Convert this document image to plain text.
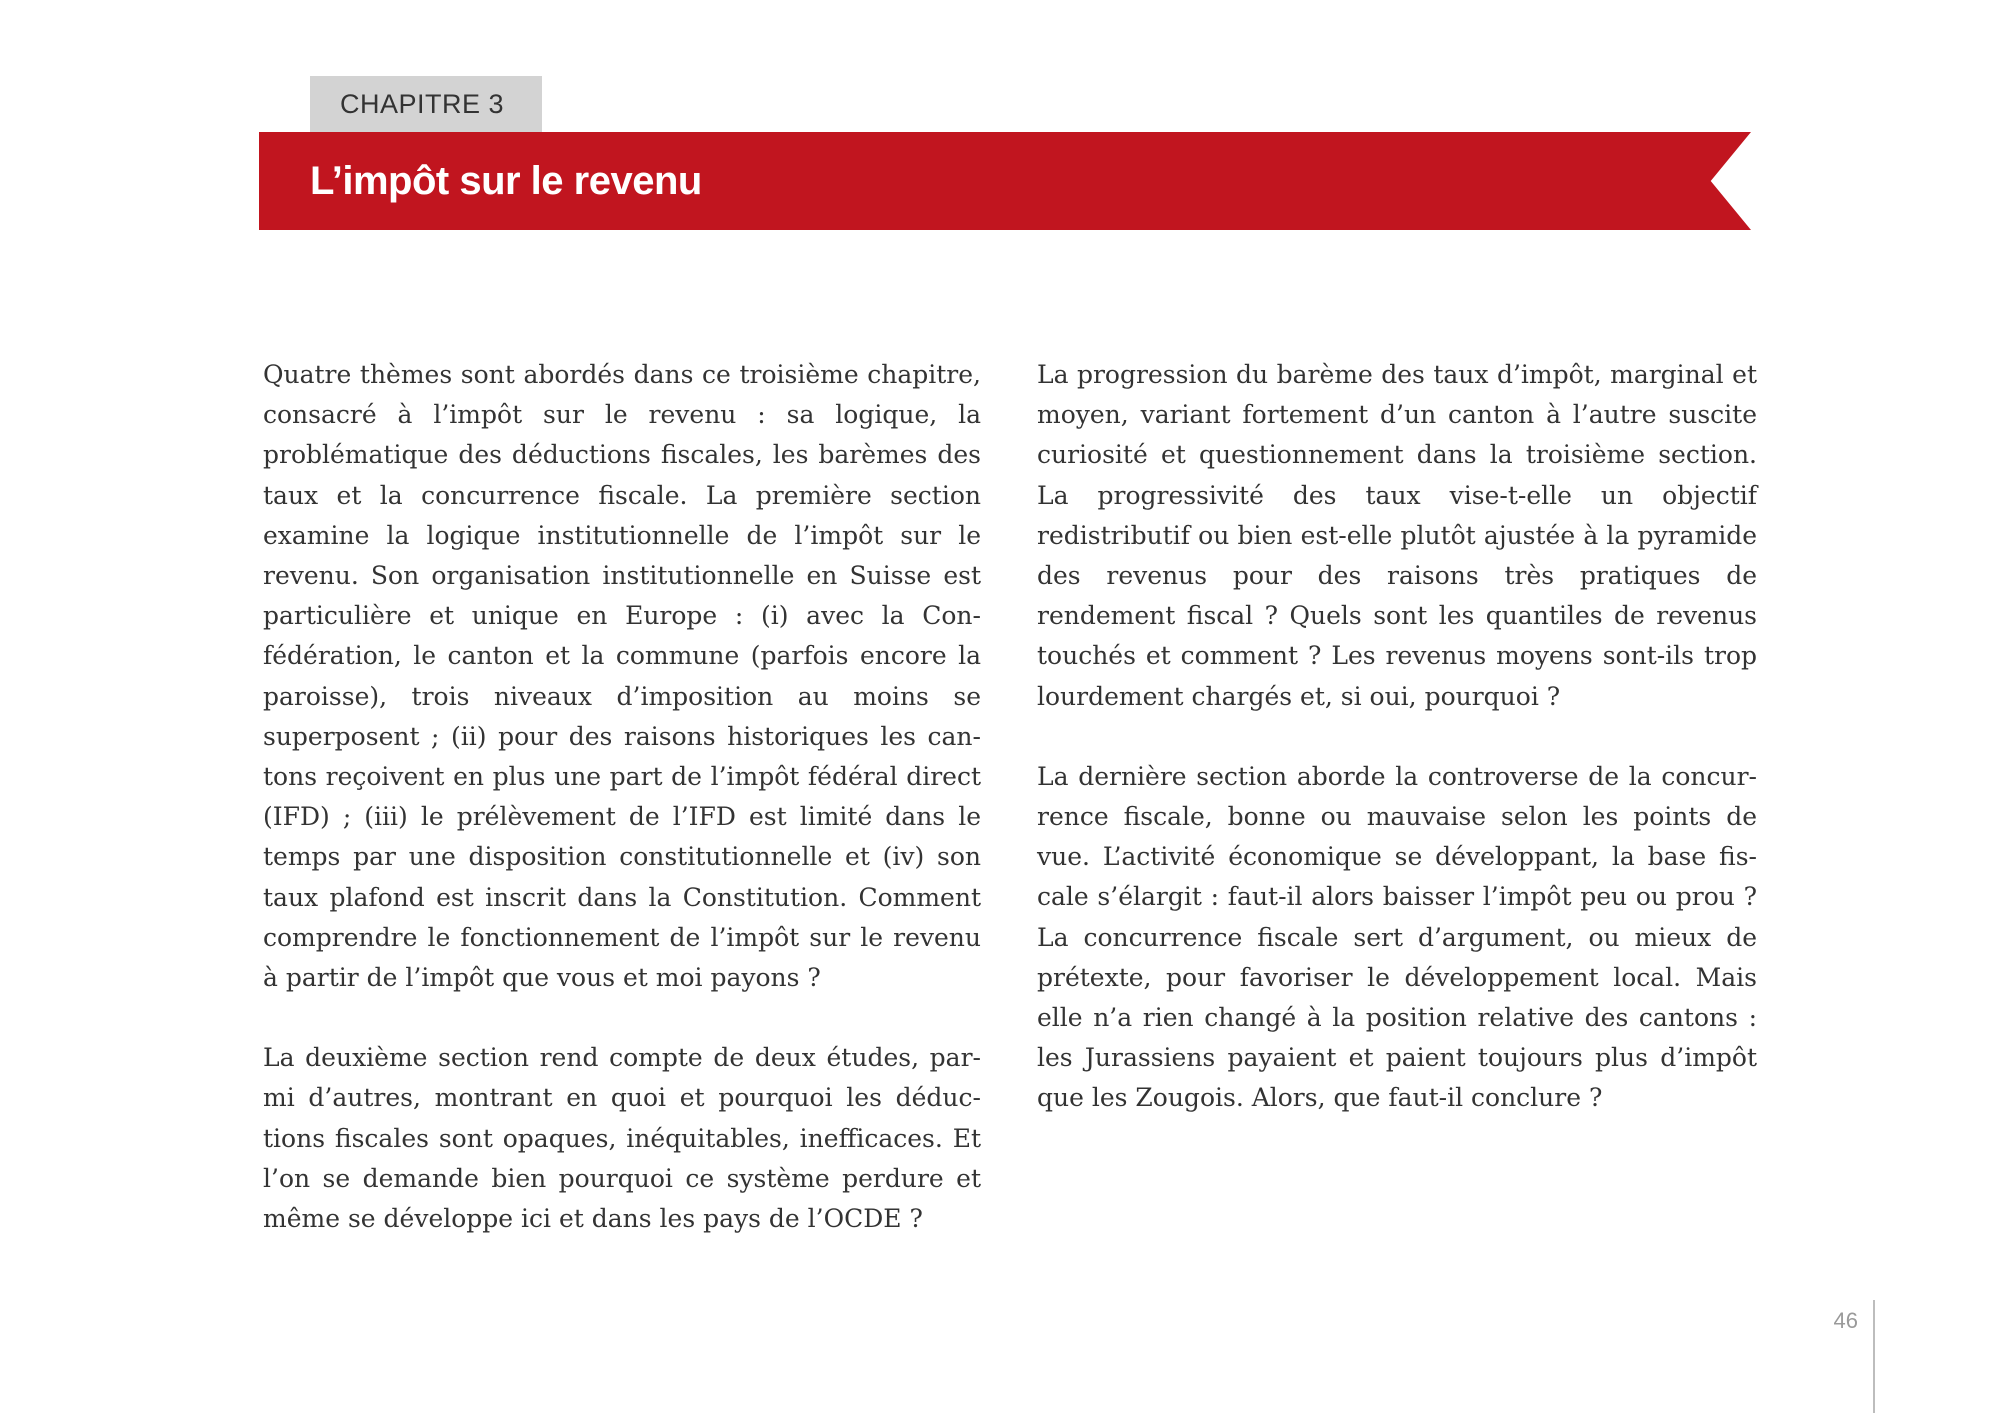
CHAPITRE 3
L’impôt sur le revenu

Quatre thèmes sont abordés dans ce troisième chapitre, consacré à l’impôt sur le revenu : sa logique, la problématique des déductions fiscales, les barèmes des taux et la concurrence fiscale. La première section examine la logique institutionnelle de l’impôt sur le revenu. Son organisation institutionnelle en Suisse est particulière et unique en Europe : (i) avec la Confédération, le canton et la commune (parfois encore la paroisse), trois niveaux d’imposition au moins se superposent ; (ii) pour des raisons historiques les cantons reçoivent en plus une part de l’impôt fédéral direct (IFD) ; (iii) le prélèvement de l’IFD est limité dans le temps par une disposition constitutionnelle et (iv) son taux plafond est inscrit dans la Constitution. Comment comprendre le fonctionnement de l’impôt sur le revenu à partir de l’impôt que vous et moi payons ?

La deuxième section rend compte de deux études, parmi d’autres, montrant en quoi et pourquoi les déductions fiscales sont opaques, inéquitables, inefficaces. Et l’on se demande bien pourquoi ce système perdure et même se développe ici et dans les pays de l’OCDE ?

La progression du barème des taux d’impôt, marginal et moyen, variant fortement d’un canton à l’autre suscite curiosité et questionnement dans la troisième section. La progressivité des taux vise-t-elle un objectif redistributif ou bien est-elle plutôt ajustée à la pyramide des revenus pour des raisons très pratiques de rendement fiscal ? Quels sont les quantiles de revenus touchés et comment ? Les revenus moyens sont-ils trop lourdement chargés et, si oui, pourquoi ?

La dernière section aborde la controverse de la concurrence fiscale, bonne ou mauvaise selon les points de vue. L’activité économique se développant, la base fiscale s’élargit : faut-il alors baisser l’impôt peu ou prou ? La concurrence fiscale sert d’argument, ou mieux de prétexte, pour favoriser le développement local. Mais elle n’a rien changé à la position relative des cantons : les Jurassiens payaient et paient toujours plus d’impôt que les Zougois. Alors, que faut-il conclure ?

46
